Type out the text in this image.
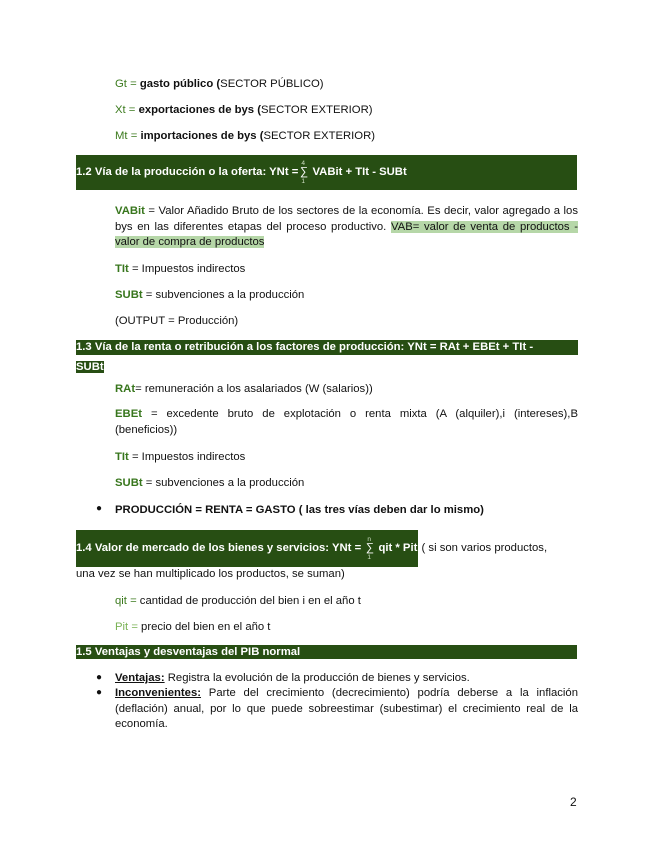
Gt = gasto público (SECTOR PÚBLICO)
Xt = exportaciones de bys (SECTOR EXTERIOR)
Mt = importaciones de bys (SECTOR EXTERIOR)
1.2 Vía de la producción o la oferta: YNt =∑
4
1
VABit + TIt - SUBt
VABit = Valor Añadido Bruto de los sectores de la economía. Es decir, valor agregado a los bys en las diferentes etapas del proceso productivo. VAB= valor de venta de productos - valor de compra de productos
TIt = Impuestos indirectos
SUBt = subvenciones a la producción
(OUTPUT = Producción)
1.3 Vía de la renta o retribución a los factores de producción: YNt = RAt + EBEt + TIt -
SUBt
RAt= remuneración a los asalariados (W (salarios))
EBEt = excedente bruto de explotación o renta mixta (A (alquiler),i (intereses),B (beneficios))
TIt = Impuestos indirectos
SUBt = subvenciones a la producción
● PRODUCCIÓN = RENTA = GASTO ( las tres vías deben dar lo mismo)
1.4 Valor de mercado de los bienes y servicios: YNt = ∑
n
1
qit * Pit ( si son varios productos,
una vez se han multiplicado los productos, se suman)
qit = cantidad de producción del bien i en el año t
Pit = precio del bien en el año t
1.5 Ventajas y desventajas del PIB normal
● Ventajas: Registra la evolución de la producción de bienes y servicios.
● Inconvenientes: Parte del crecimiento (decrecimiento) podría deberse a la inflación (deflación) anual, por lo que puede sobreestimar (subestimar) el crecimiento real de la economía.
2
